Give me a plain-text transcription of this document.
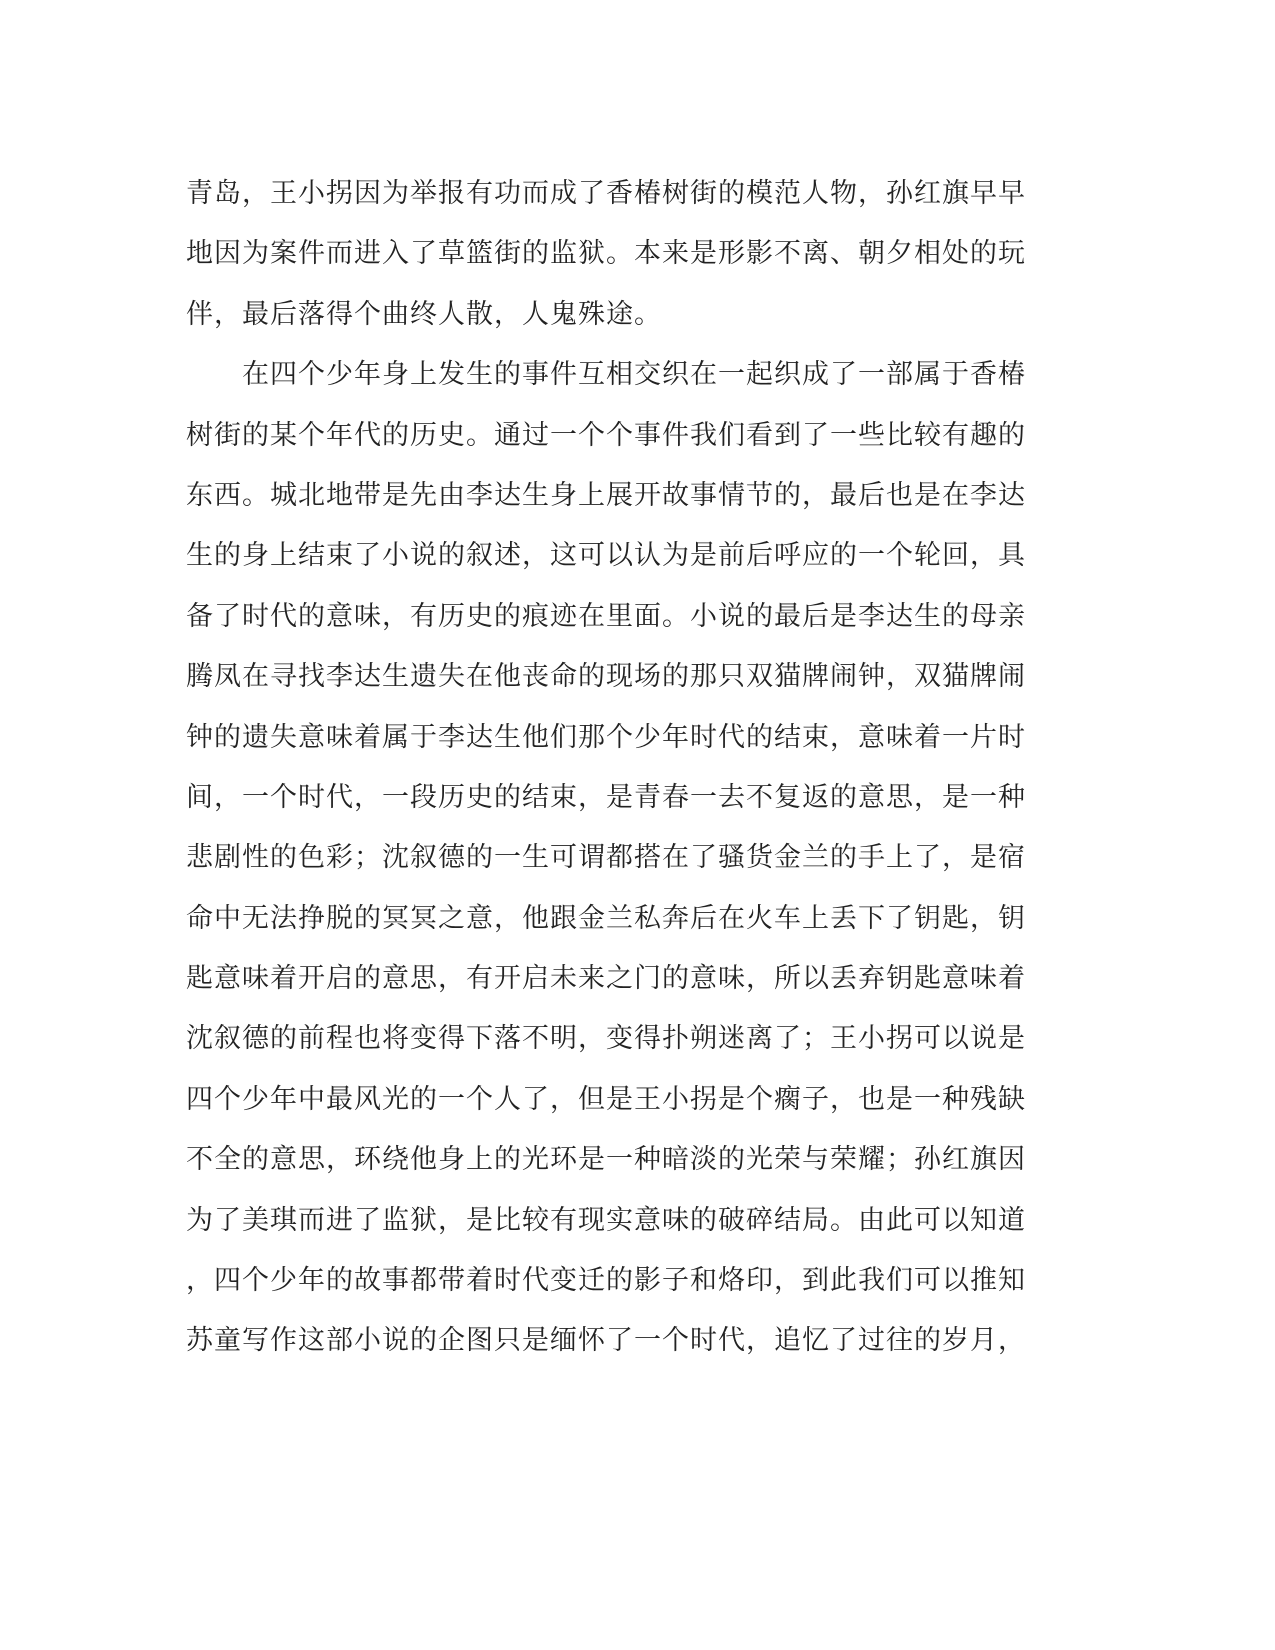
青岛，王小拐因为举报有功而成了香椿树街的模范人物，孙红旗早早
地因为案件而进入了草篮街的监狱。本来是形影不离、朝夕相处的玩
伴，最后落得个曲终人散，人鬼殊途。
　　在四个少年身上发生的事件互相交织在一起织成了一部属于香椿
树街的某个年代的历史。通过一个个事件我们看到了一些比较有趣的
东西。城北地带是先由李达生身上展开故事情节的，最后也是在李达
生的身上结束了小说的叙述，这可以认为是前后呼应的一个轮回，具
备了时代的意味，有历史的痕迹在里面。小说的最后是李达生的母亲
腾凤在寻找李达生遗失在他丧命的现场的那只双猫牌闹钟，双猫牌闹
钟的遗失意味着属于李达生他们那个少年时代的结束，意味着一片时
间，一个时代，一段历史的结束，是青春一去不复返的意思，是一种
悲剧性的色彩；沈叙德的一生可谓都搭在了骚货金兰的手上了，是宿
命中无法挣脱的冥冥之意，他跟金兰私奔后在火车上丢下了钥匙，钥
匙意味着开启的意思，有开启未来之门的意味，所以丢弃钥匙意味着
沈叙德的前程也将变得下落不明，变得扑朔迷离了；王小拐可以说是
四个少年中最风光的一个人了，但是王小拐是个瘸子，也是一种残缺
不全的意思，环绕他身上的光环是一种暗淡的光荣与荣耀；孙红旗因
为了美琪而进了监狱，是比较有现实意味的破碎结局。由此可以知道
，四个少年的故事都带着时代变迁的影子和烙印，到此我们可以推知
苏童写作这部小说的企图只是缅怀了一个时代，追忆了过往的岁月，
